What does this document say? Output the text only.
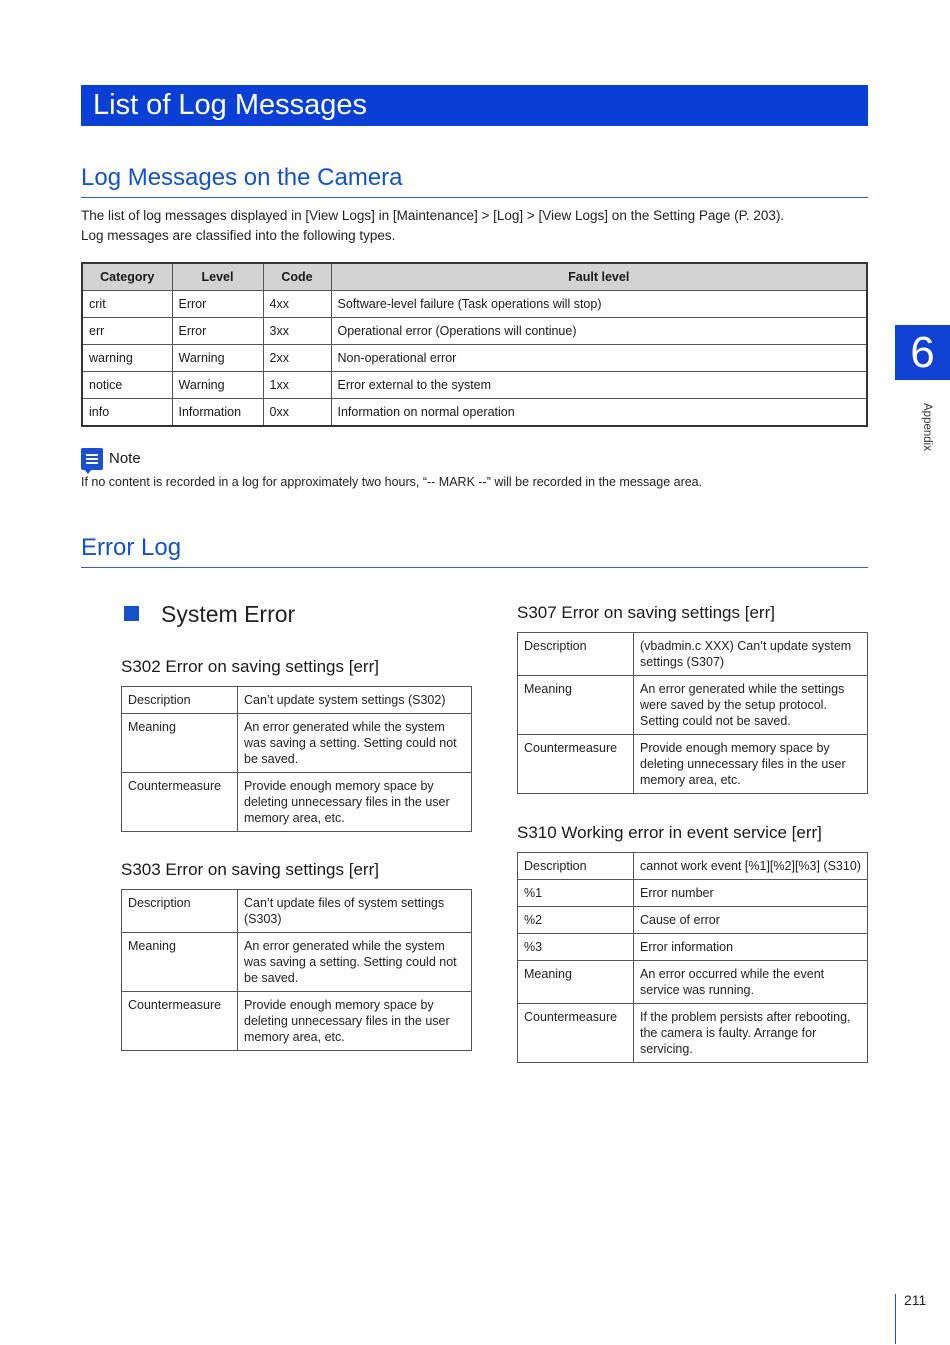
List of Log Messages
Log Messages on the Camera
The list of log messages displayed in [View Logs] in [Maintenance] > [Log] > [View Logs] on the Setting Page (P. 203).
Log messages are classified into the following types.
Category	Level	Code	Fault level
crit	Error	4xx	Software-level failure (Task operations will stop)
err	Error	3xx	Operational error (Operations will continue)
warning	Warning	2xx	Non-operational error
notice	Warning	1xx	Error external to the system
info	Information	0xx	Information on normal operation
Note
If no content is recorded in a log for approximately two hours, “-- MARK --” will be recorded in the message area.
Error Log
System Error
S302 Error on saving settings [err]
Description	Can’t update system settings (S302)
Meaning	An error generated while the system was saving a setting. Setting could not be saved.
Countermeasure	Provide enough memory space by deleting unnecessary files in the user memory area, etc.
S303 Error on saving settings [err]
Description	Can’t update files of system settings (S303)
Meaning	An error generated while the system was saving a setting. Setting could not be saved.
Countermeasure	Provide enough memory space by deleting unnecessary files in the user memory area, etc.
S307 Error on saving settings [err]
Description	(vbadmin.c XXX) Can’t update system settings (S307)
Meaning	An error generated while the settings were saved by the setup protocol. Setting could not be saved.
Countermeasure	Provide enough memory space by deleting unnecessary files in the user memory area, etc.
S310 Working error in event service [err]
Description	cannot work event [%1][%2][%3] (S310)
%1	Error number
%2	Cause of error
%3	Error information
Meaning	An error occurred while the event service was running.
Countermeasure	If the problem persists after rebooting, the camera is faulty. Arrange for servicing.
6
Appendix
211
